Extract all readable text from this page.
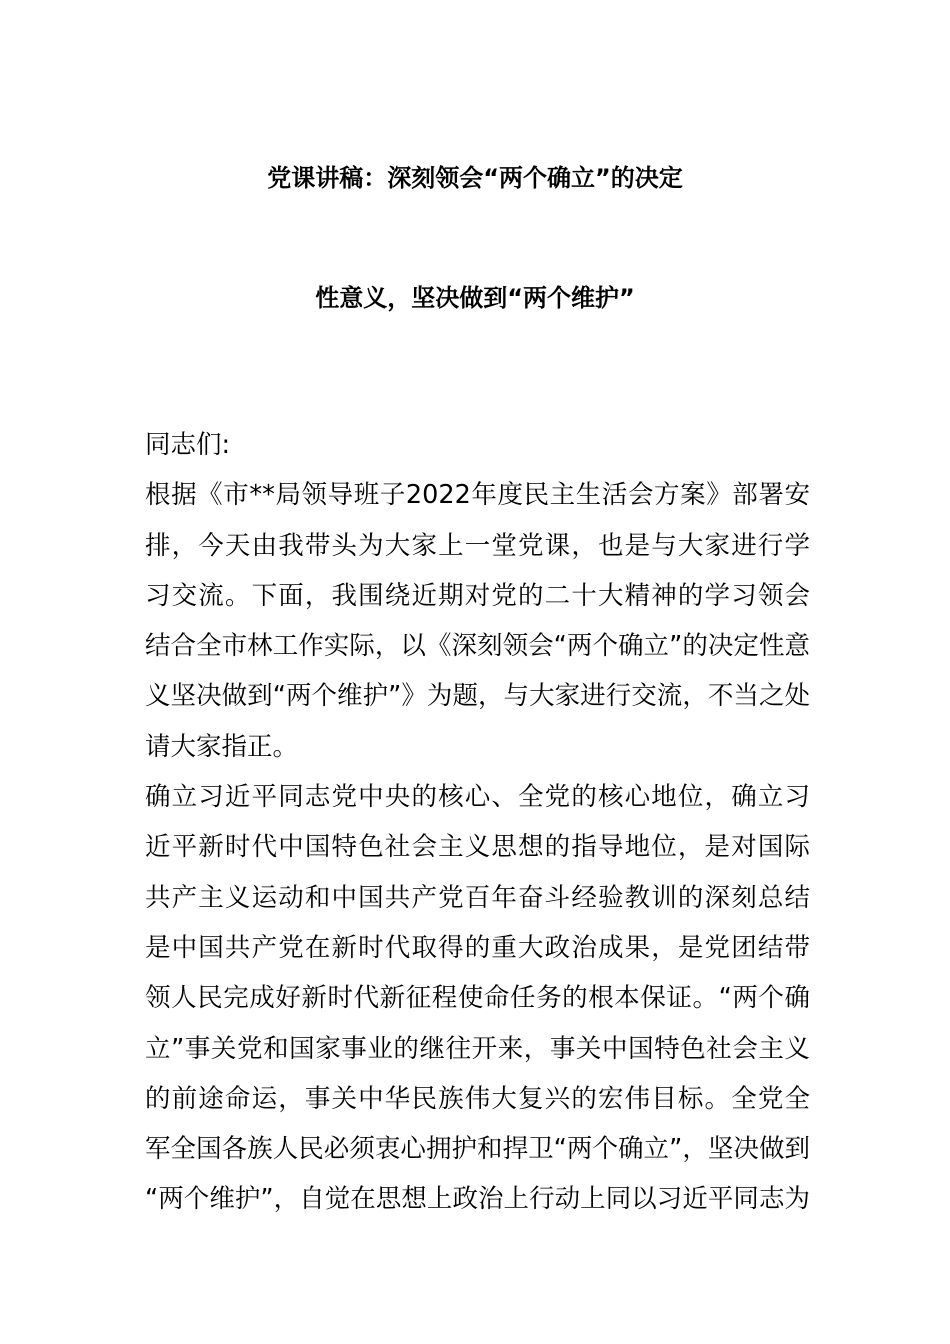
党课讲稿：深刻领会“两个确立”的决定
性意义，坚决做到“两个维护”
同志们:
根据《市**局领导班子2022年度民主生活会方案》部署安
排，今天由我带头为大家上一堂党课，也是与大家进行学
习交流。下面，我围绕近期对党的二十大精神的学习领会
结合全市林工作实际，以《深刻领会“两个确立”的决定性意
义坚决做到“两个维护”》为题，与大家进行交流，不当之处
请大家指正。
确立习近平同志党中央的核心、全党的核心地位，确立习
近平新时代中国特色社会主义思想的指导地位，是对国际
共产主义运动和中国共产党百年奋斗经验教训的深刻总结
是中国共产党在新时代取得的重大政治成果，是党团结带
领人民完成好新时代新征程使命任务的根本保证。“两个确
立”事关党和国家事业的继往开来，事关中国特色社会主义
的前途命运，事关中华民族伟大复兴的宏伟目标。全党全
军全国各族人民必须衷心拥护和捍卫“两个确立”，坚决做到
“两个维护”，自觉在思想上政治上行动上同以习近平同志为
